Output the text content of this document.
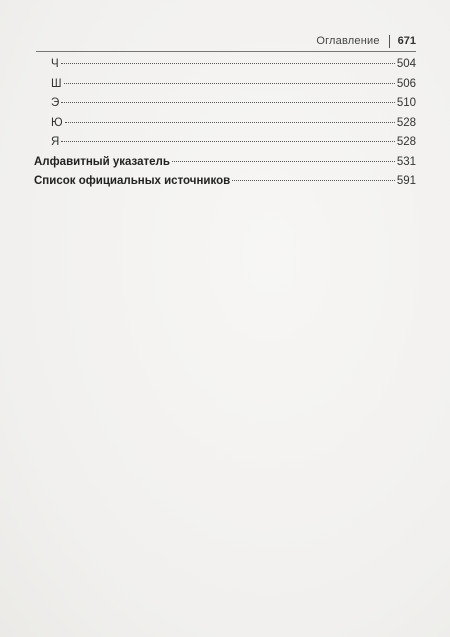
Оглавление 671
Ч	504
Ш	506
Э	510
Ю	528
Я	528
Алфавитный указатель	531
Список официальных источников	591
